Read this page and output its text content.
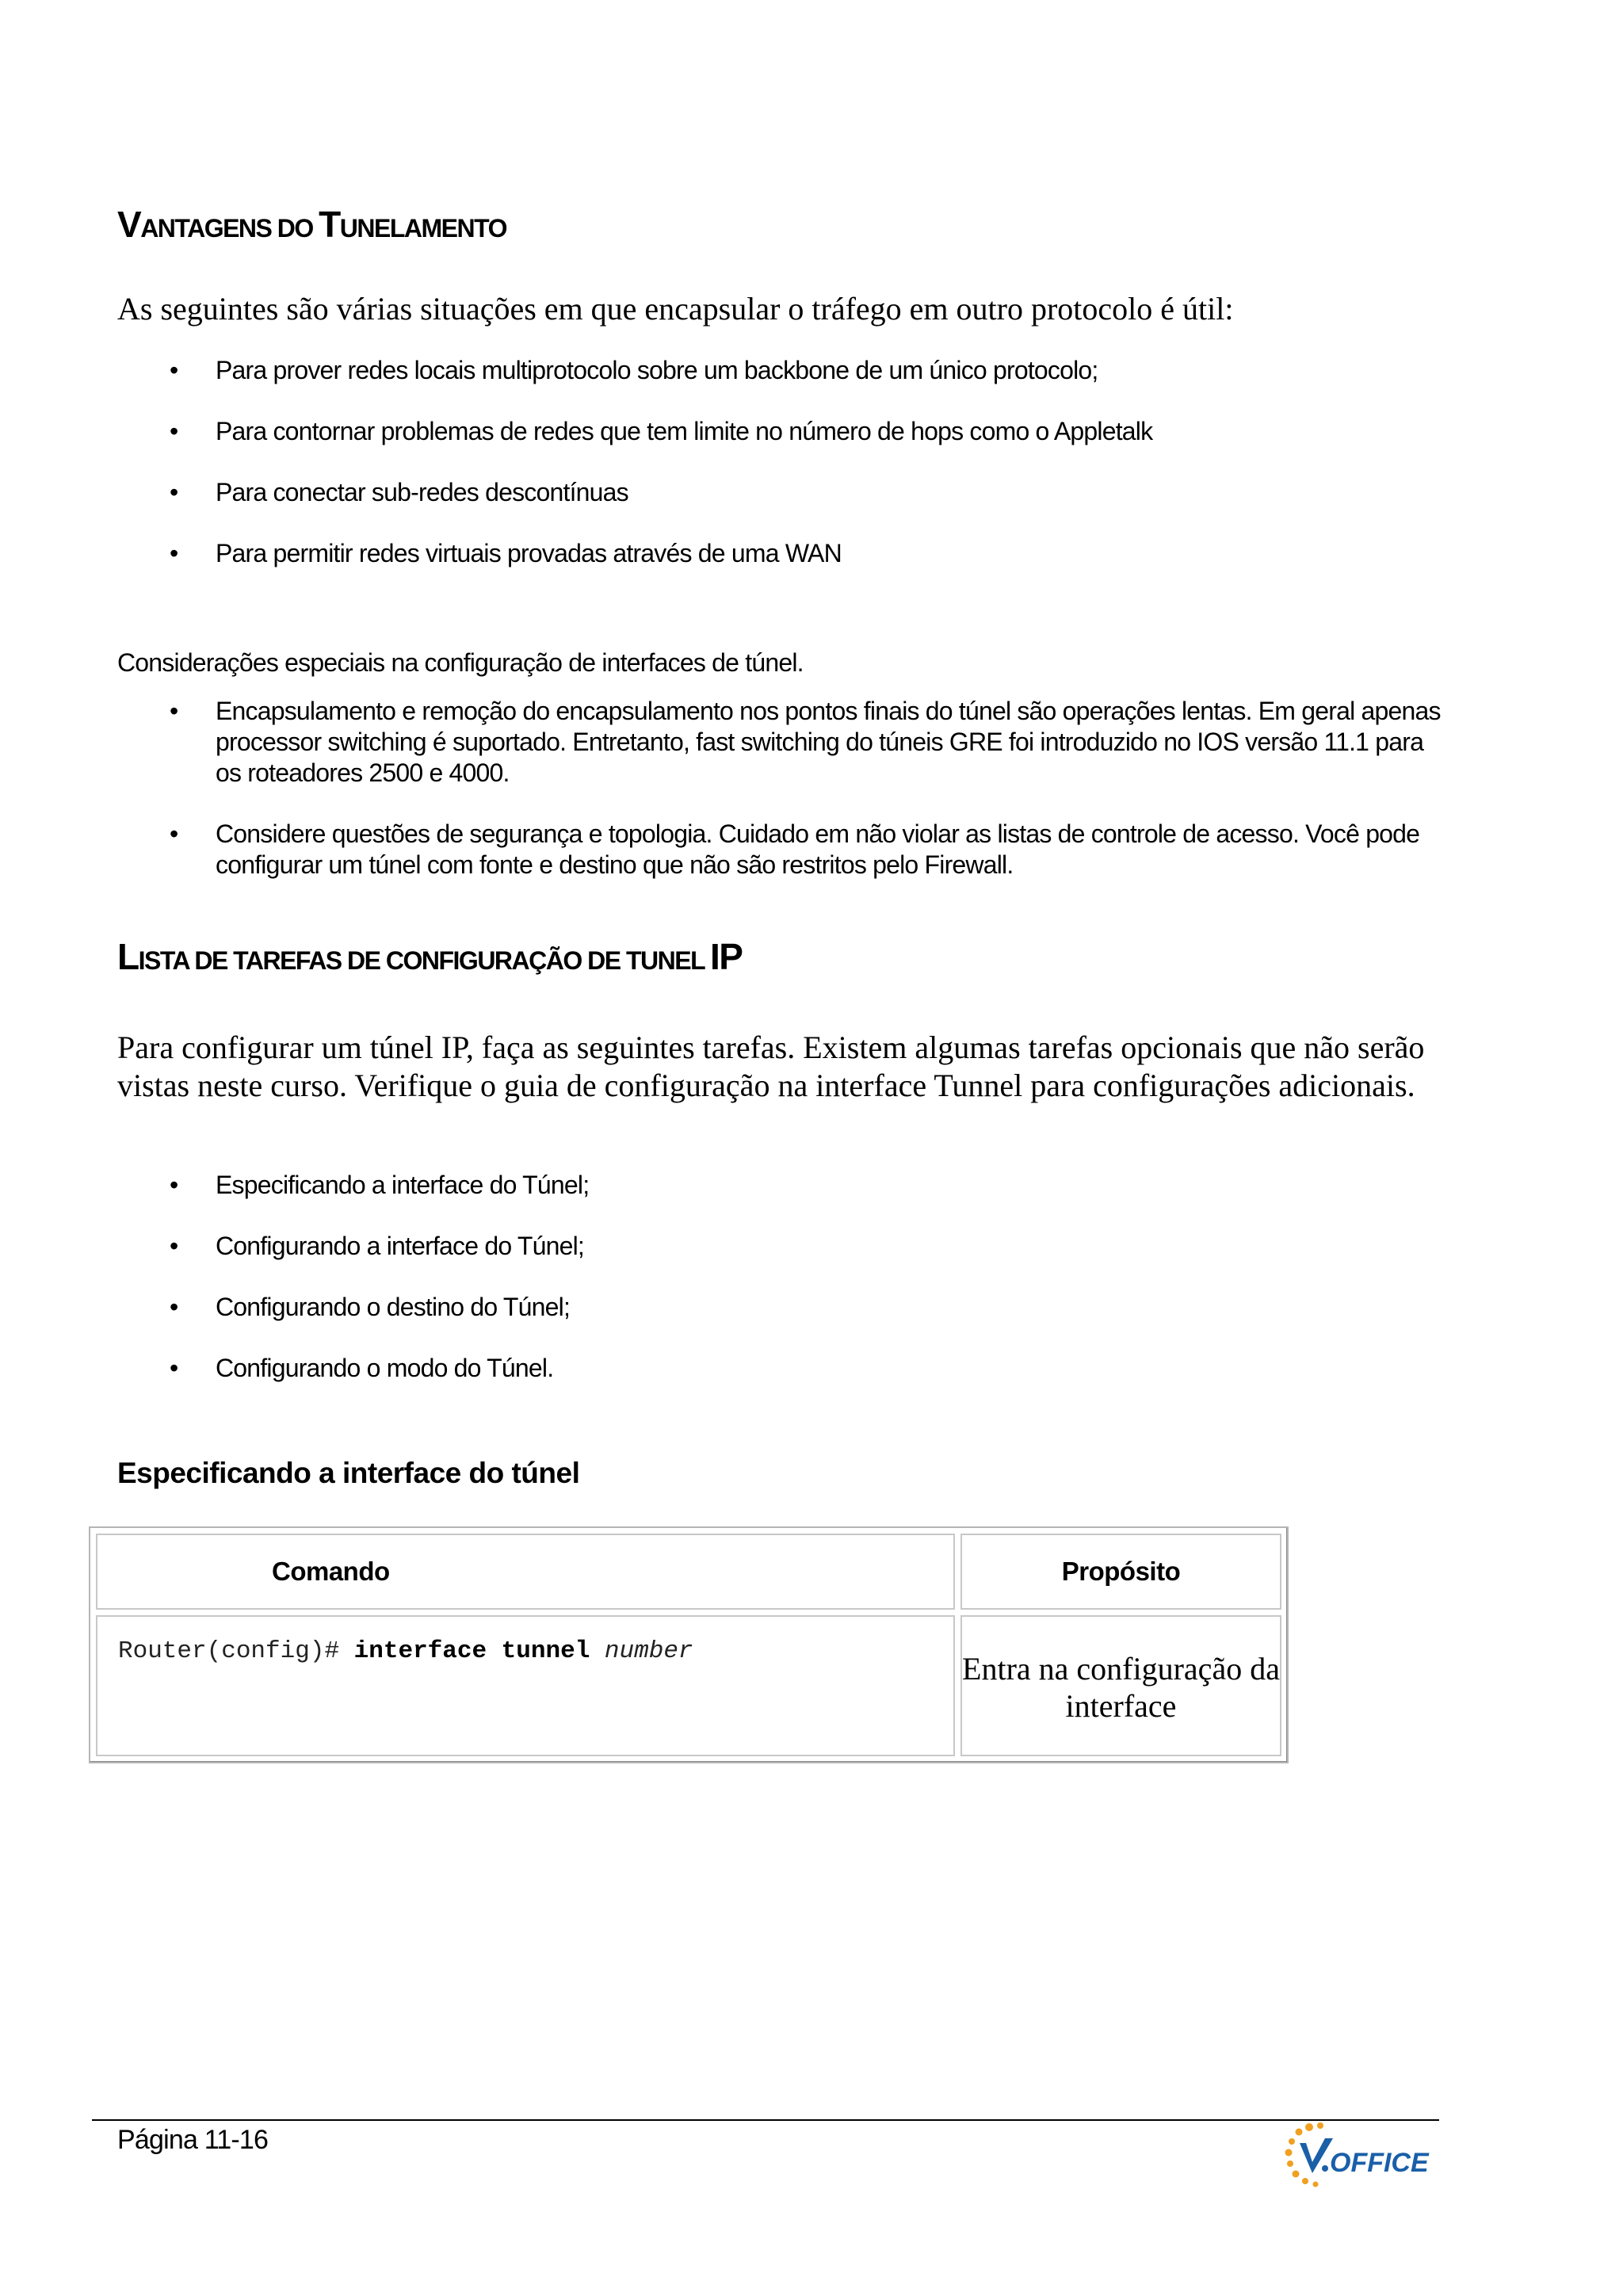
VANTAGENS DO TUNELAMENTO

As seguintes são várias situações em que encapsular o tráfego em outro protocolo é útil:

• Para prover redes locais multiprotocolo sobre um backbone de um único protocolo;
• Para contornar problemas de redes que tem limite no número de hops como o Appletalk
• Para conectar sub-redes descontínuas
• Para permitir redes virtuais provadas através de uma WAN

Considerações especiais na configuração de interfaces de túnel.

• Encapsulamento e remoção do encapsulamento nos pontos finais do túnel são operações lentas. Em geral apenas processor switching é suportado. Entretanto, fast switching do túneis GRE foi introduzido no IOS versão 11.1 para os roteadores 2500 e 4000.
• Considere questões de segurança e topologia. Cuidado em não violar as listas de controle de acesso. Você pode configurar um túnel com fonte e destino que não são restritos pelo Firewall.
LISTA DE TAREFAS DE CONFIGURAÇÃO DE TUNEL IP

Para configurar um túnel IP, faça as seguintes tarefas. Existem algumas tarefas opcionais que não serão vistas neste curso. Verifique o guia de configuração na interface Tunnel para configurações adicionais.

• Especificando a interface do Túnel;
• Configurando a interface do Túnel;
• Configurando o destino do Túnel;
• Configurando o modo do Túnel.
Especificando a interface do túnel
Comando	Propósito
Router(config)# interface tunnel number	Entra na configuração da interface
Página 11-16
OFFICE
